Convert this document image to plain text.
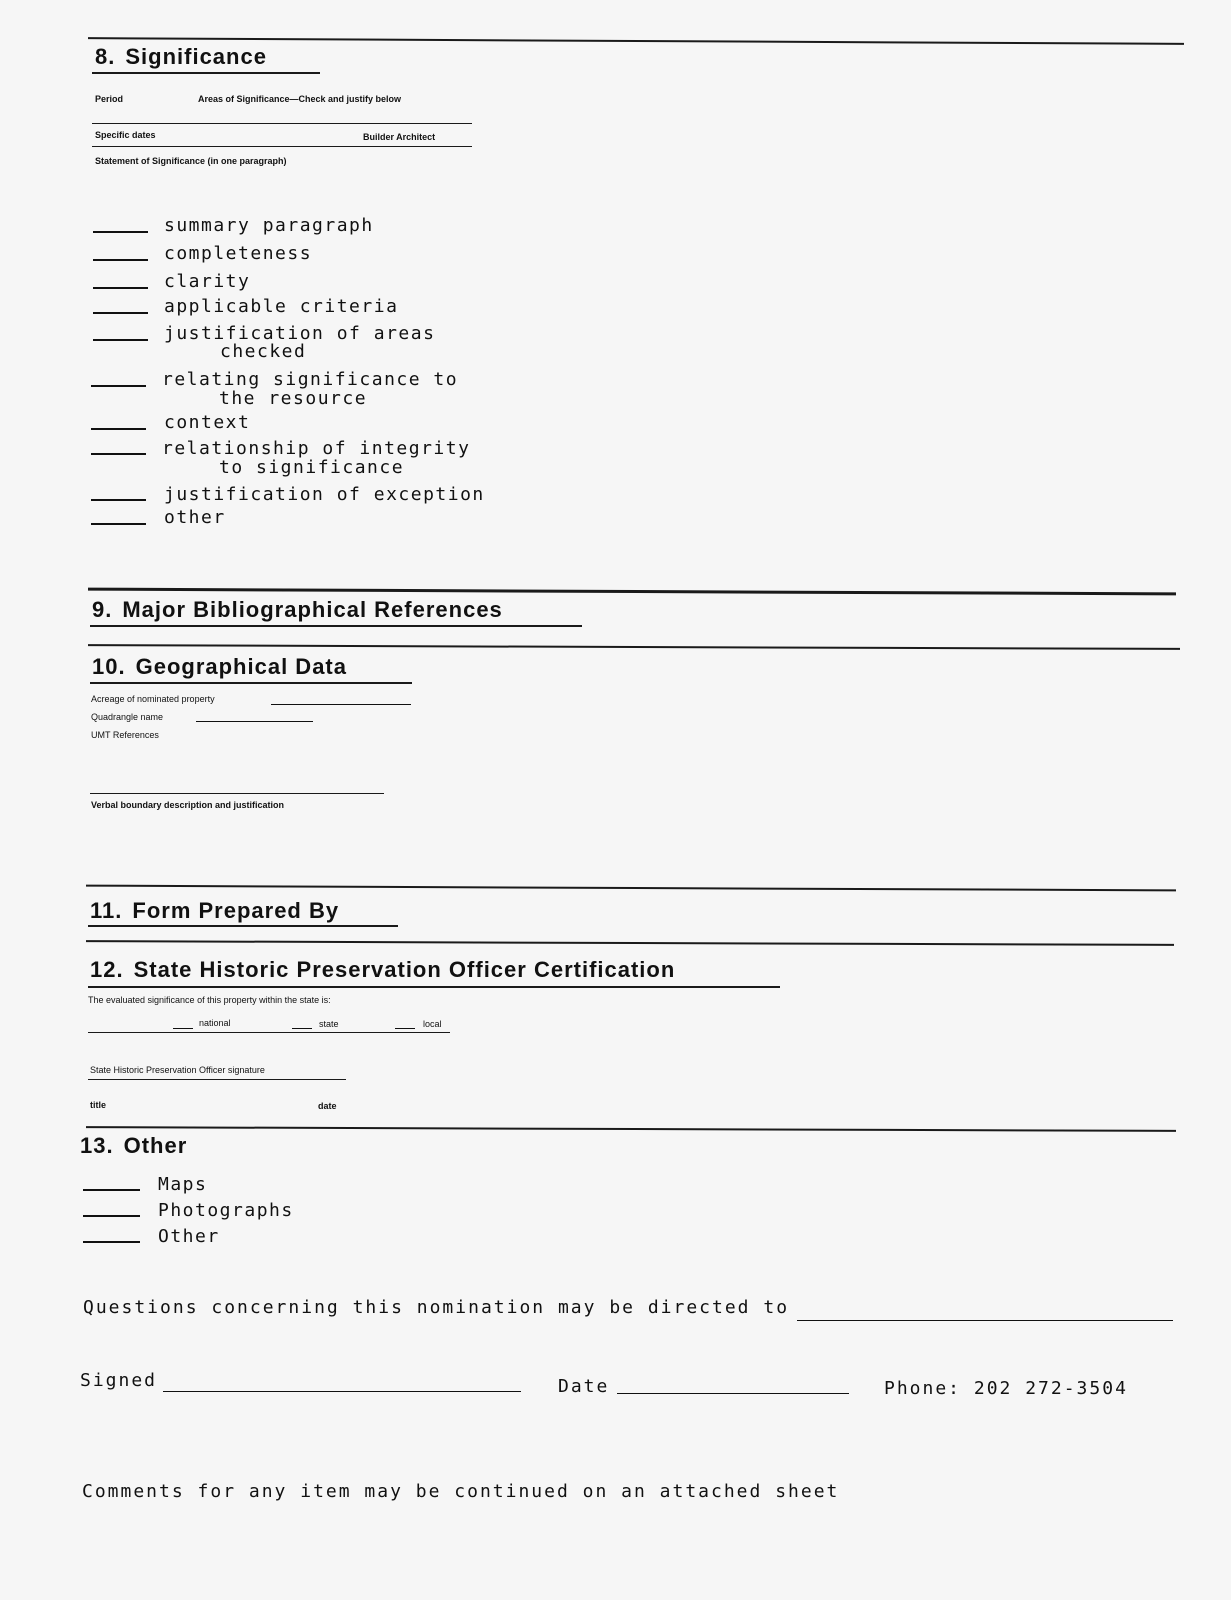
8. Significance
Period	Areas of Significance—Check and justify below
Specific dates	Builder Architect
Statement of Significance (in one paragraph)
summary paragraph
completeness
clarity
applicable criteria
justification of areas
checked
relating significance to
the resource
context
relationship of integrity
to significance
justification of exception
other
9. Major Bibliographical References
10. Geographical Data
Acreage of nominated property
Quadrangle name
UMT References
Verbal boundary description and justification
11. Form Prepared By
12. State Historic Preservation Officer Certification
The evaluated significance of this property within the state is:
national	state	local
State Historic Preservation Officer signature
title	date
13. Other
Maps
Photographs
Other
Questions concerning this nomination may be directed to
Signed	Date	Phone: 202 272-3504
Comments for any item may be continued on an attached sheet
